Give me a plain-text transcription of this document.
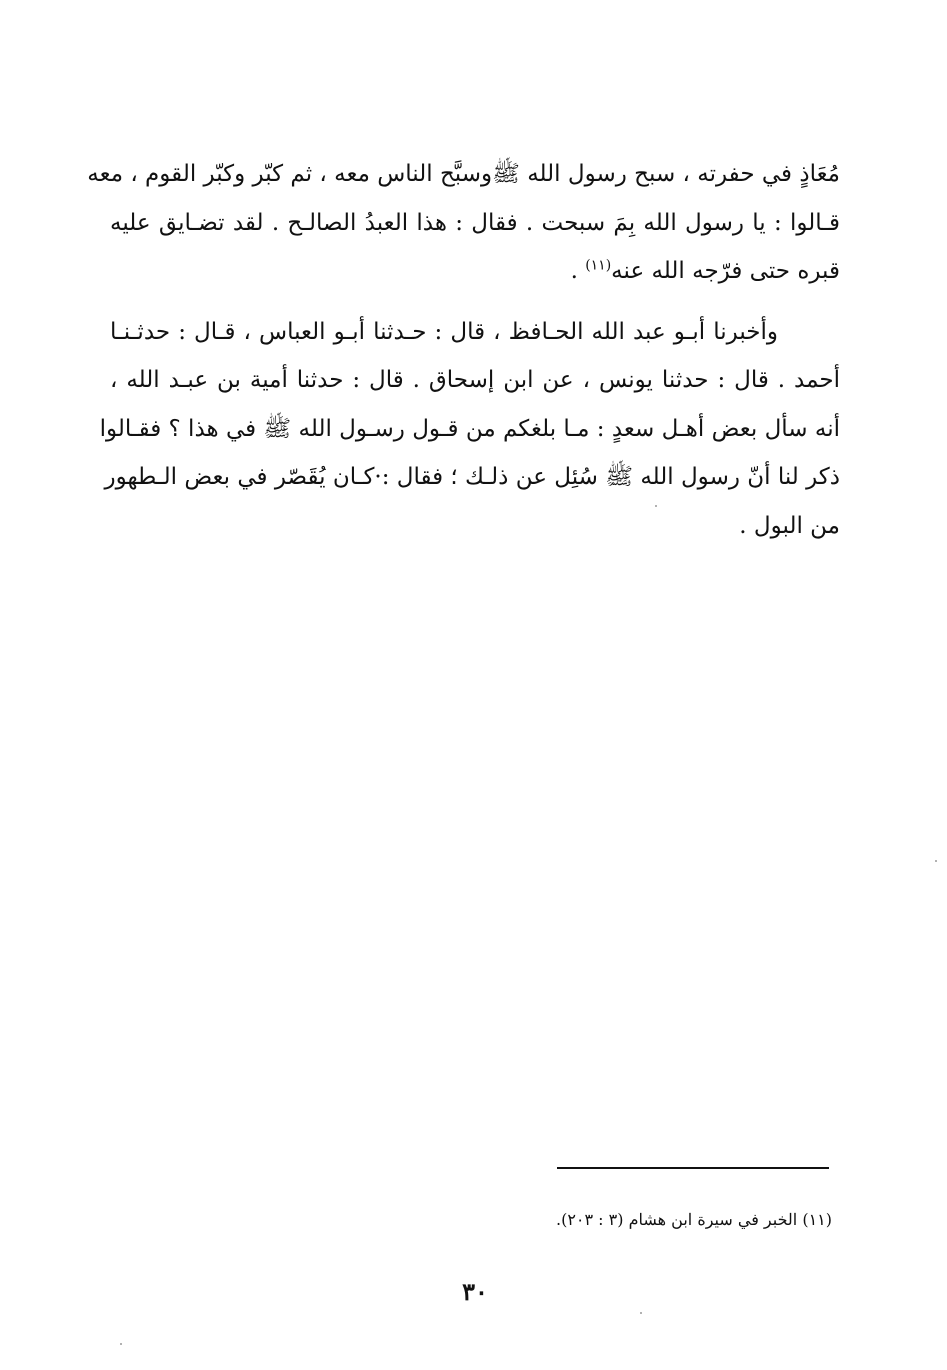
مُعَاذٍ في حفرته ، سبح رسول الله ﷺوسبَّح الناس معه ، ثم كبّر وكبّر القوم ، معه
قـالوا : يا رسول الله بِمَ سبحت . فقال : هذا العبدُ الصالـح . لقد تضـايق عليه
قبره حتى فرّجه الله عنه$^{(١١)}$ .

وأخبرنا أبـو عبد الله الحـافظ ، قال : حـدثنا أبـو العباس ، قـال : حدثـنـا
أحمد . قال : حدثنا يونس ، عن ابن إسحاق . قال : حدثنا أمية بن عبـد الله ،
أنه سأل بعض أهـل سعدٍ : مـا بلغكم من قـول رسـول الله ﷺ في هذا ؟ فقـالوا
ذكر لنا أنّ رسول الله ﷺ سُئِل عن ذلـك ؛ فقال :·كـان يُقَصّر في بعض الـطهور
من البول .

(١١) الخبر في سيرة ابن هشام (٣ : ٢٠٣).
٣٠
